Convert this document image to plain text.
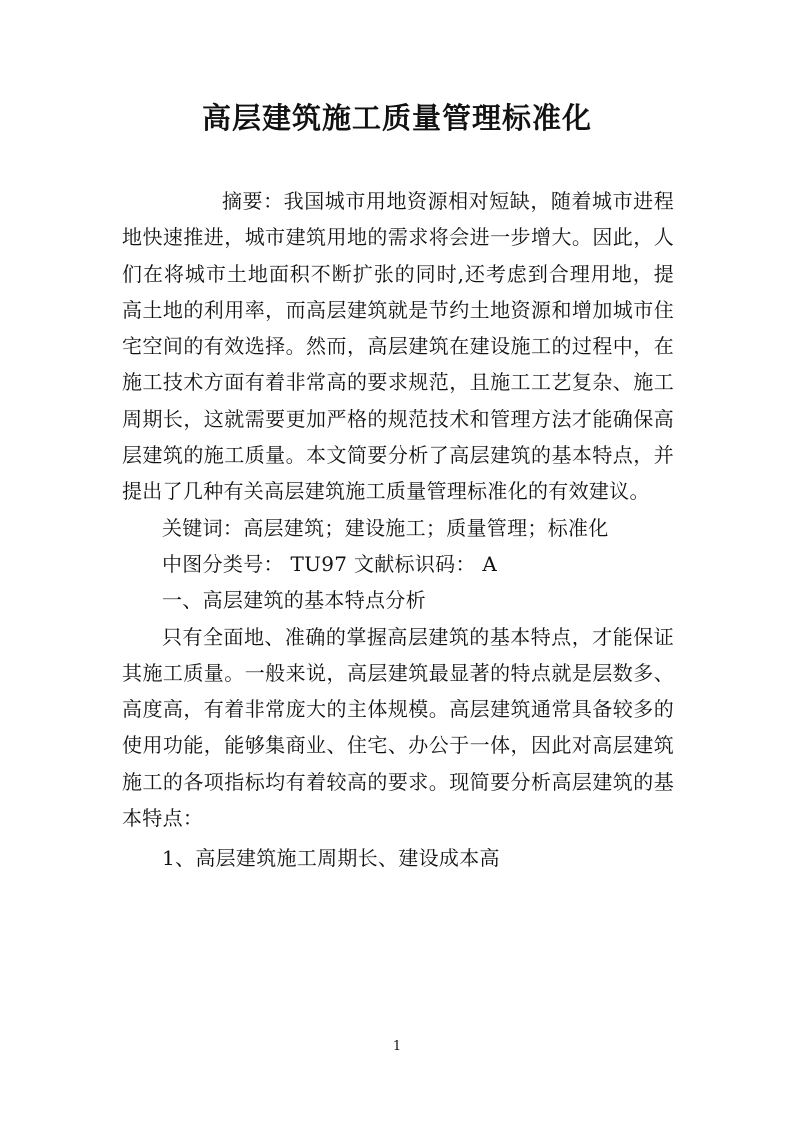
高层建筑施工质量管理标准化

摘要：我国城市用地资源相对短缺，随着城市进程地快速推进，城市建筑用地的需求将会进一步增大。因此，人们在将城市土地面积不断扩张的同时,还考虑到合理用地，提高土地的利用率，而高层建筑就是节约土地资源和增加城市住宅空间的有效选择。然而，高层建筑在建设施工的过程中，在施工技术方面有着非常高的要求规范，且施工工艺复杂、施工周期长，这就需要更加严格的规范技术和管理方法才能确保高层建筑的施工质量。本文简要分析了高层建筑的基本特点，并提出了几种有关高层建筑施工质量管理标准化的有效建议。

关键词：高层建筑；建设施工；质量管理；标准化

中图分类号： TU97 文献标识码： A

一、高层建筑的基本特点分析

只有全面地、准确的掌握高层建筑的基本特点，才能保证其施工质量。一般来说，高层建筑最显著的特点就是层数多、高度高，有着非常庞大的主体规模。高层建筑通常具备较多的使用功能，能够集商业、住宅、办公于一体，因此对高层建筑施工的各项指标均有着较高的要求。现简要分析高层建筑的基本特点：

1、高层建筑施工周期长、建设成本高

1
